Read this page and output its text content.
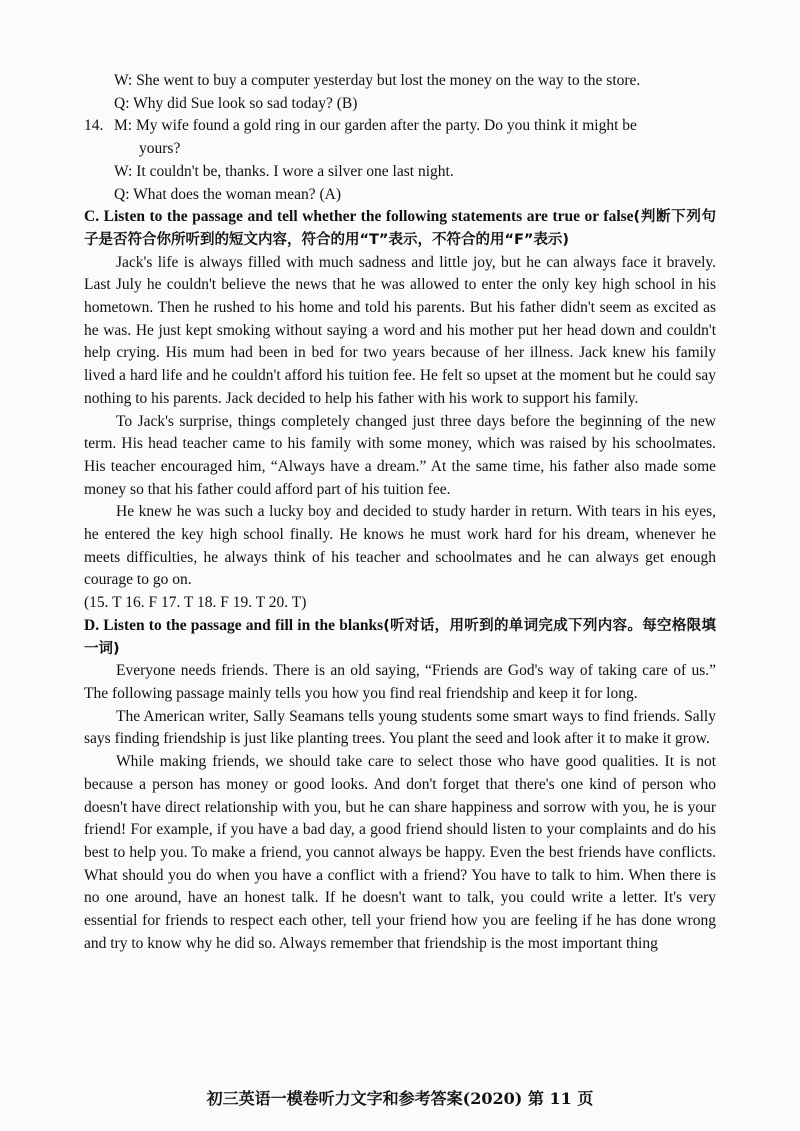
W: She went to buy a computer yesterday but lost the money on the way to the store.

Q: Why did Sue look so sad today? (B)

14. M: My wife found a gold ring in our garden after the party. Do you think it might be

yours?

W: It couldn't be, thanks. I wore a silver one last night.

Q: What does the woman mean? (A)

C. Listen to the passage and tell whether the following statements are true or false(判断下列句子是否符合你所听到的短文内容，符合的用“T”表示，不符合的用“F”表示)

Jack's life is always filled with much sadness and little joy, but he can always face it bravely. Last July he couldn't believe the news that he was allowed to enter the only key high school in his hometown. Then he rushed to his home and told his parents. But his father didn't seem as excited as he was. He just kept smoking without saying a word and his mother put her head down and couldn't help crying. His mum had been in bed for two years because of her illness. Jack knew his family lived a hard life and he couldn't afford his tuition fee. He felt so upset at the moment but he could say nothing to his parents. Jack decided to help his father with his work to support his family.

To Jack's surprise, things completely changed just three days before the beginning of the new term. His head teacher came to his family with some money, which was raised by his schoolmates. His teacher encouraged him, “Always have a dream.” At the same time, his father also made some money so that his father could afford part of his tuition fee.

He knew he was such a lucky boy and decided to study harder in return. With tears in his eyes, he entered the key high school finally. He knows he must work hard for his dream, whenever he meets difficulties, he always think of his teacher and schoolmates and he can always get enough courage to go on.

(15. T 16. F 17. T 18. F 19. T 20. T)

D. Listen to the passage and fill in the blanks(听对话，用听到的单词完成下列内容。每空格限填一词)

Everyone needs friends. There is an old saying, “Friends are God's way of taking care of us.” The following passage mainly tells you how you find real friendship and keep it for long.

The American writer, Sally Seamans tells young students some smart ways to find friends. Sally says finding friendship is just like planting trees. You plant the seed and look after it to make it grow.

While making friends, we should take care to select those who have good qualities. It is not because a person has money or good looks. And don't forget that there's one kind of person who doesn't have direct relationship with you, but he can share happiness and sorrow with you, he is your friend! For example, if you have a bad day, a good friend should listen to your complaints and do his best to help you. To make a friend, you cannot always be happy. Even the best friends have conflicts. What should you do when you have a conflict with a friend? You have to talk to him. When there is no one around, have an honest talk. If he doesn't want to talk, you could write a letter. It's very essential for friends to respect each other, tell your friend how you are feeling if he has done wrong and try to know why he did so. Always remember that friendship is the most important thing

初三英语一模卷听力文字和参考答案(2020) 第 11 页
